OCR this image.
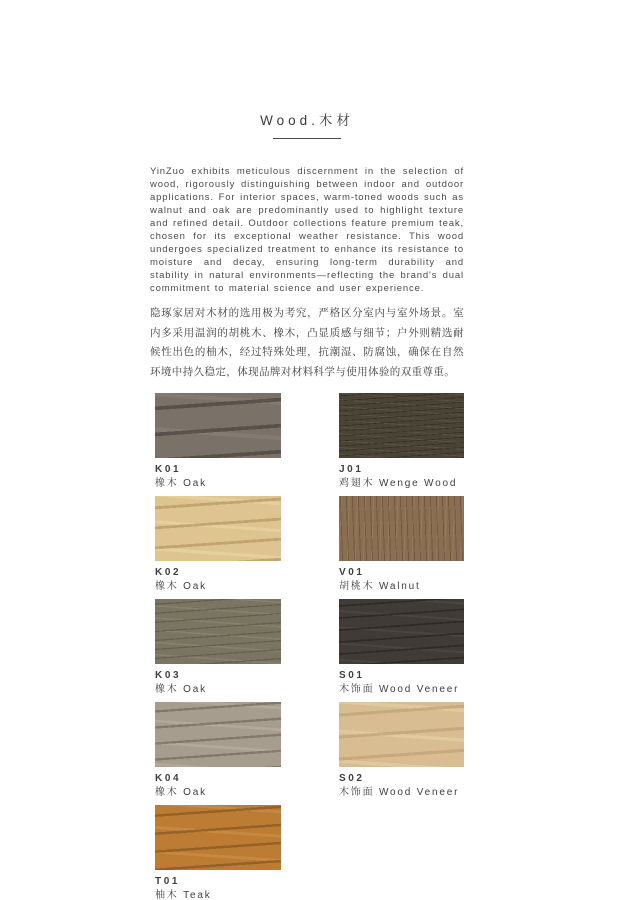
Wood.木材

YinZuo exhibits meticulous discernment in the selection of wood, rigorously distinguishing between indoor and outdoor applications. For interior spaces, warm-toned woods such as walnut and oak are predominantly used to highlight texture and refined detail. Outdoor collections feature premium teak, chosen for its exceptional weather resistance. This wood undergoes specialized treatment to enhance its resistance to moisture and decay, ensuring long-term durability and stability in natural environments—reflecting the brand's dual commitment to material science and user experience.

隐琢家居对木材的选用极为考究，严格区分室内与室外场景。室内多采用温润的胡桃木、橡木，凸显质感与细节；户外则精选耐候性出色的柚木，经过特殊处理，抗潮湿、防腐蚀，确保在自然环境中持久稳定，体现品牌对材料科学与使用体验的双重尊重。

K01
橡木 Oak
J01
鸡翅木 Wenge Wood
K02
橡木 Oak
V01
胡桃木 Walnut
K03
橡木 Oak
S01
木饰面 Wood Veneer
K04
橡木 Oak
S02
木饰面 Wood Veneer
T01
柚木 Teak
